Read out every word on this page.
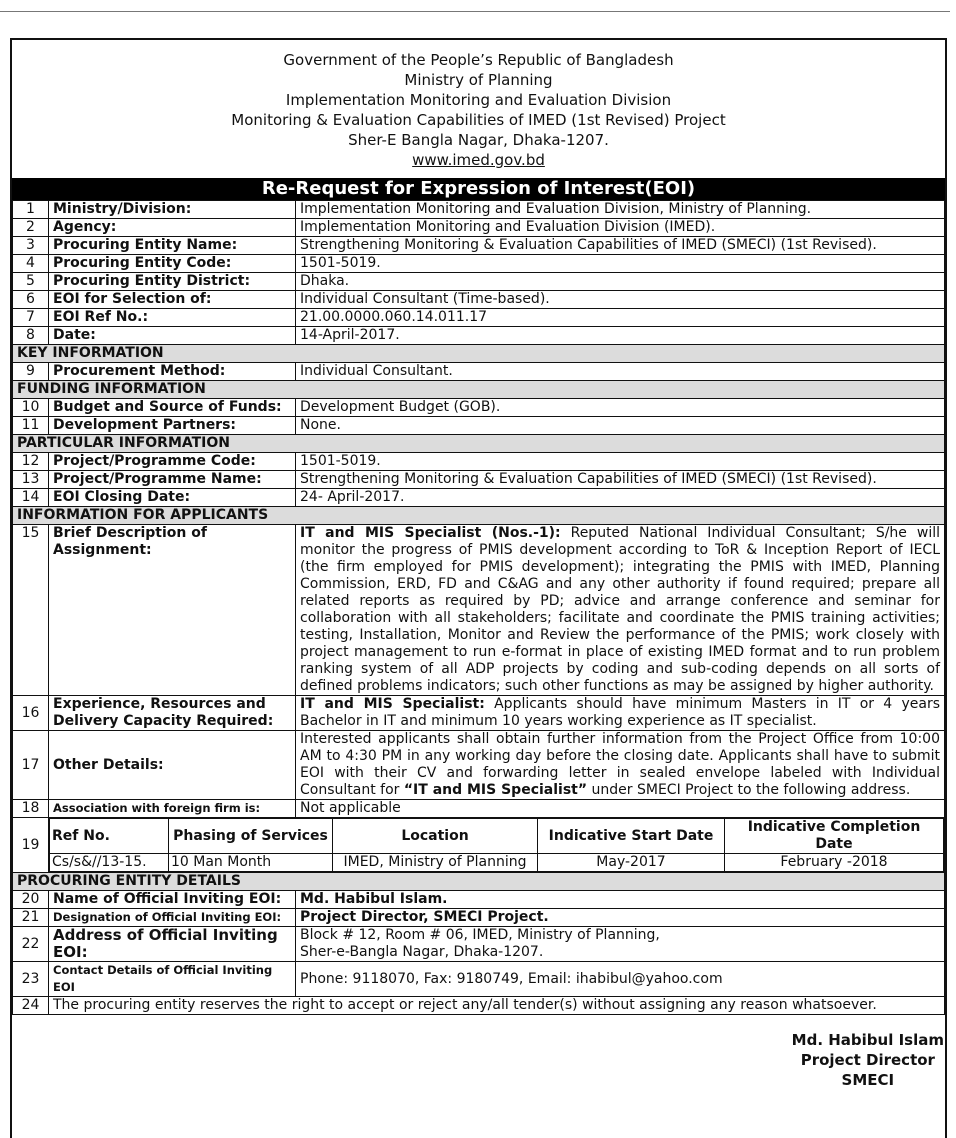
Government of the People’s Republic of Bangladesh
Ministry of Planning
Implementation Monitoring and Evaluation Division
Monitoring & Evaluation Capabilities of IMED (1st Revised) Project
Sher-E Bangla Nagar, Dhaka-1207.
www.imed.gov.bd
Re-Request for Expression of Interest(EOI)
1	Ministry/Division:	Implementation Monitoring and Evaluation Division, Ministry of Planning.
2	Agency:	Implementation Monitoring and Evaluation Division (IMED).
3	Procuring Entity Name:	Strengthening Monitoring & Evaluation Capabilities of IMED (SMECI) (1st Revised).
4	Procuring Entity Code:	1501-5019.
5	Procuring Entity District:	Dhaka.
6	EOI for Selection of:	Individual Consultant (Time-based).
7	EOI Ref No.:	21.00.0000.060.14.011.17
8	Date:	14-April-2017.
KEY INFORMATION
9	Procurement Method:	Individual Consultant.
FUNDING INFORMATION
10	Budget and Source of Funds:	Development Budget (GOB).
11	Development Partners:	None.
PARTICULAR INFORMATION
12	Project/Programme Code:	1501-5019.
13	Project/Programme Name:	Strengthening Monitoring & Evaluation Capabilities of IMED (SMECI) (1st Revised).
14	EOI Closing Date:	24- April-2017.
INFORMATION FOR APPLICANTS
15	Brief Description of Assignment:	IT and MIS Specialist (Nos.-1): Reputed National Individual Consultant; S/he will monitor the progress of PMIS development according to ToR & Inception Report of IECL (the firm employed for PMIS development); integrating the PMIS with IMED, Planning Commission, ERD, FD and C&AG and any other authority if found required; prepare all related reports as required by PD; advice and arrange conference and seminar for collaboration with all stakeholders; facilitate and coordinate the PMIS training activities; testing, Installation, Monitor and Review the performance of the PMIS; work closely with project management to run e-format in place of existing IMED format and to run problem ranking system of all ADP projects by coding and sub-coding depends on all sorts of defined problems indicators; such other functions as may be assigned by higher authority.
16	Experience, Resources and Delivery Capacity Required:	IT and MIS Specialist: Applicants should have minimum Masters in IT or 4 years Bachelor in IT and minimum 10 years working experience as IT specialist.
17	Other Details:	Interested applicants shall obtain further information from the Project Office from 10:00 AM to 4:30 PM in any working day before the closing date. Applicants shall have to submit EOI with their CV and forwarding letter in sealed envelope labeled with Individual Consultant for “IT and MIS Specialist” under SMECI Project to the following address.
18	Association with foreign firm is:	Not applicable
19	
Ref No.	Phasing of Services	Location	Indicative Start Date	Indicative Completion Date
Cs/s&//13-15.	10 Man Month	IMED, Ministry of Planning	May-2017	February -2018

PROCURING ENTITY DETAILS
20	Name of Official Inviting EOI:	Md. Habibul Islam.
21	Designation of Official Inviting EOI:	Project Director, SMECI Project.
22	Address of Official Inviting EOI:	
Block # 12, Room # 06, IMED, Ministry of Planning,
Sher-e-Bangla Nagar, Dhaka-1207.

23	Contact Details of Official Inviting EOI	Phone: 9118070, Fax: 9180749, Email: ihabibul@yahoo.com
24	The procuring entity reserves the right to accept or reject any/all tender(s) without assigning any reason whatsoever.
Md. Habibul Islam
Project Director
SMECI
